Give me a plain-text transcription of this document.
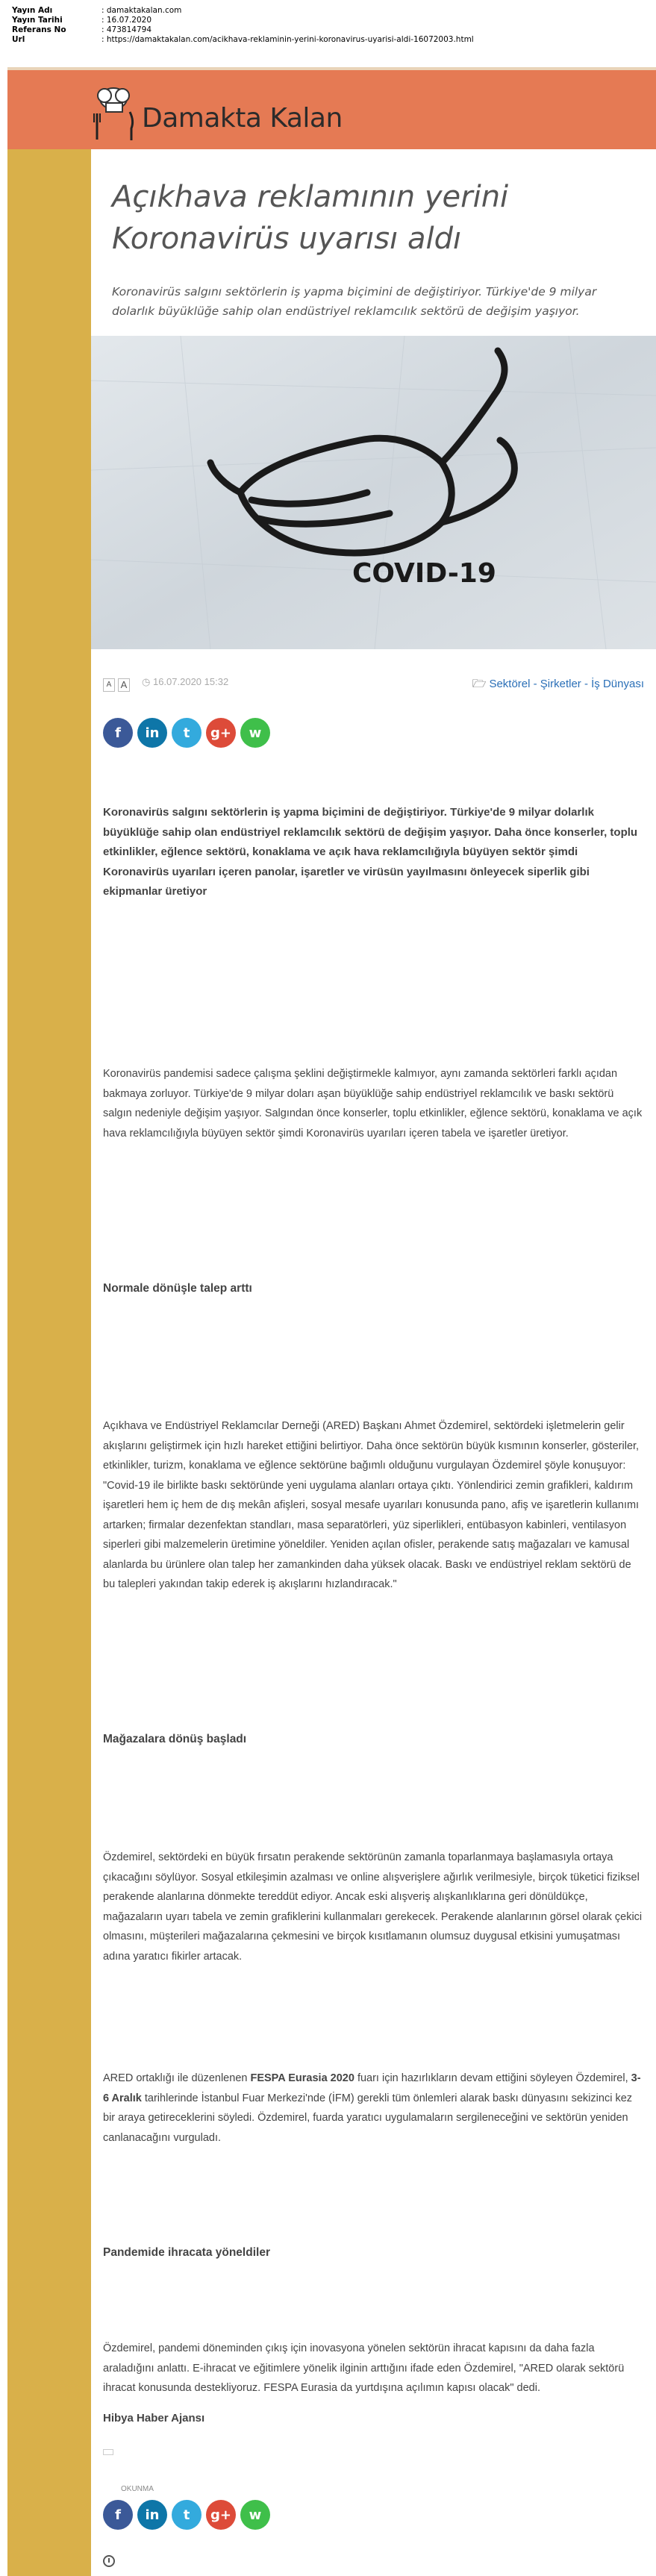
Yayın Adı	: damaktakalan.com
Yayın Tarihi	: 16.07.2020
Referans No	: 473814794
Url	: https://damaktakalan.com/acikhava-reklaminin-yerini-koronavirus-uyarisi-aldi-16072003.html
Damakta Kalan
Açıkhava reklamının yerini Koronavirüs uyarısı aldı
Koronavirüs salgını sektörlerin iş yapma biçimini de değiştiriyor. Türkiye'de 9 milyar dolarlık büyüklüğe sahip olan endüstriyel reklamcılık sektörü de değişim yaşıyor.
COVID-19
A A ◷ 16.07.2020 15:32	🗁 Sektörel - Şirketler - İş Dünyası
f	in	t	g+	w
Koronavirüs salgını sektörlerin iş yapma biçimini de değiştiriyor. Türkiye'de 9 milyar dolarlık büyüklüğe sahip olan endüstriyel reklamcılık sektörü de değişim yaşıyor. Daha önce konserler, toplu etkinlikler, eğlence sektörü, konaklama ve açık hava reklamcılığıyla büyüyen sektör şimdi Koronavirüs uyarıları içeren panolar, işaretler ve virüsün yayılmasını önleyecek siperlik gibi ekipmanlar üretiyor

Koronavirüs pandemisi sadece çalışma şeklini değiştirmekle kalmıyor, aynı zamanda sektörleri farklı açıdan bakmaya zorluyor. Türkiye'de 9 milyar doları aşan büyüklüğe sahip endüstriyel reklamcılık ve baskı sektörü salgın nedeniyle değişim yaşıyor. Salgından önce konserler, toplu etkinlikler, eğlence sektörü, konaklama ve açık hava reklamcılığıyla büyüyen sektör şimdi Koronavirüs uyarıları içeren tabela ve işaretler üretiyor.

Normale dönüşle talep arttı

Açıkhava ve Endüstriyel Reklamcılar Derneği (ARED) Başkanı Ahmet Özdemirel, sektördeki işletmelerin gelir akışlarını geliştirmek için hızlı hareket ettiğini belirtiyor. Daha önce sektörün büyük kısmının konserler, gösteriler, etkinlikler, turizm, konaklama ve eğlence sektörüne bağımlı olduğunu vurgulayan Özdemirel şöyle konuşuyor: "Covid-19 ile birlikte baskı sektöründe yeni uygulama alanları ortaya çıktı. Yönlendirici zemin grafikleri, kaldırım işaretleri hem iç hem de dış mekân afişleri, sosyal mesafe uyarıları konusunda pano, afiş ve işaretlerin kullanımı artarken; firmalar dezenfektan standları, masa separatörleri, yüz siperlikleri, entübasyon kabinleri, ventilasyon siperleri gibi malzemelerin üretimine yöneldiler. Yeniden açılan ofisler, perakende satış mağazaları ve kamusal alanlarda bu ürünlere olan talep her zamankinden daha yüksek olacak. Baskı ve endüstriyel reklam sektörü de bu talepleri yakından takip ederek iş akışlarını hızlandıracak."

Mağazalara dönüş başladı

Özdemirel, sektördeki en büyük fırsatın perakende sektörünün zamanla toparlanmaya başlamasıyla ortaya çıkacağını söylüyor. Sosyal etkileşimin azalması ve online alışverişlere ağırlık verilmesiyle, birçok tüketici fiziksel perakende alanlarına dönmekte tereddüt ediyor. Ancak eski alışveriş alışkanlıklarına geri dönüldükçe, mağazaların uyarı tabela ve zemin grafiklerini kullanmaları gerekecek. Perakende alanlarının görsel olarak çekici olmasını, müşterileri mağazalarına çekmesini ve birçok kısıtlamanın olumsuz duygusal etkisini yumuşatması adına yaratıcı fikirler artacak.

ARED ortaklığı ile düzenlenen FESPA Eurasia 2020 fuarı için hazırlıkların devam ettiğini söyleyen Özdemirel, 3-6 Aralık tarihlerinde İstanbul Fuar Merkezi'nde (İFM) gerekli tüm önlemleri alarak baskı dünyasını sekizinci kez bir araya getireceklerini söyledi. Özdemirel, fuarda yaratıcı uygulamaların sergileneceğini ve sektörün yeniden canlanacağını vurguladı.

Pandemide ihracata yöneldiler

Özdemirel, pandemi döneminden çıkış için inovasyona yönelen sektörün ihracat kapısını da daha fazla araladığını anlattı. E-ihracat ve eğitimlere yönelik ilginin arttığını ifade eden Özdemirel, "ARED olarak sektörü ihracat konusunda destekliyoruz. FESPA Eurasia da yurtdışına açılımın kapısı olacak" dedi.

Hibya Haber Ajansı
OKUNMA
f	in	t	g+	w
